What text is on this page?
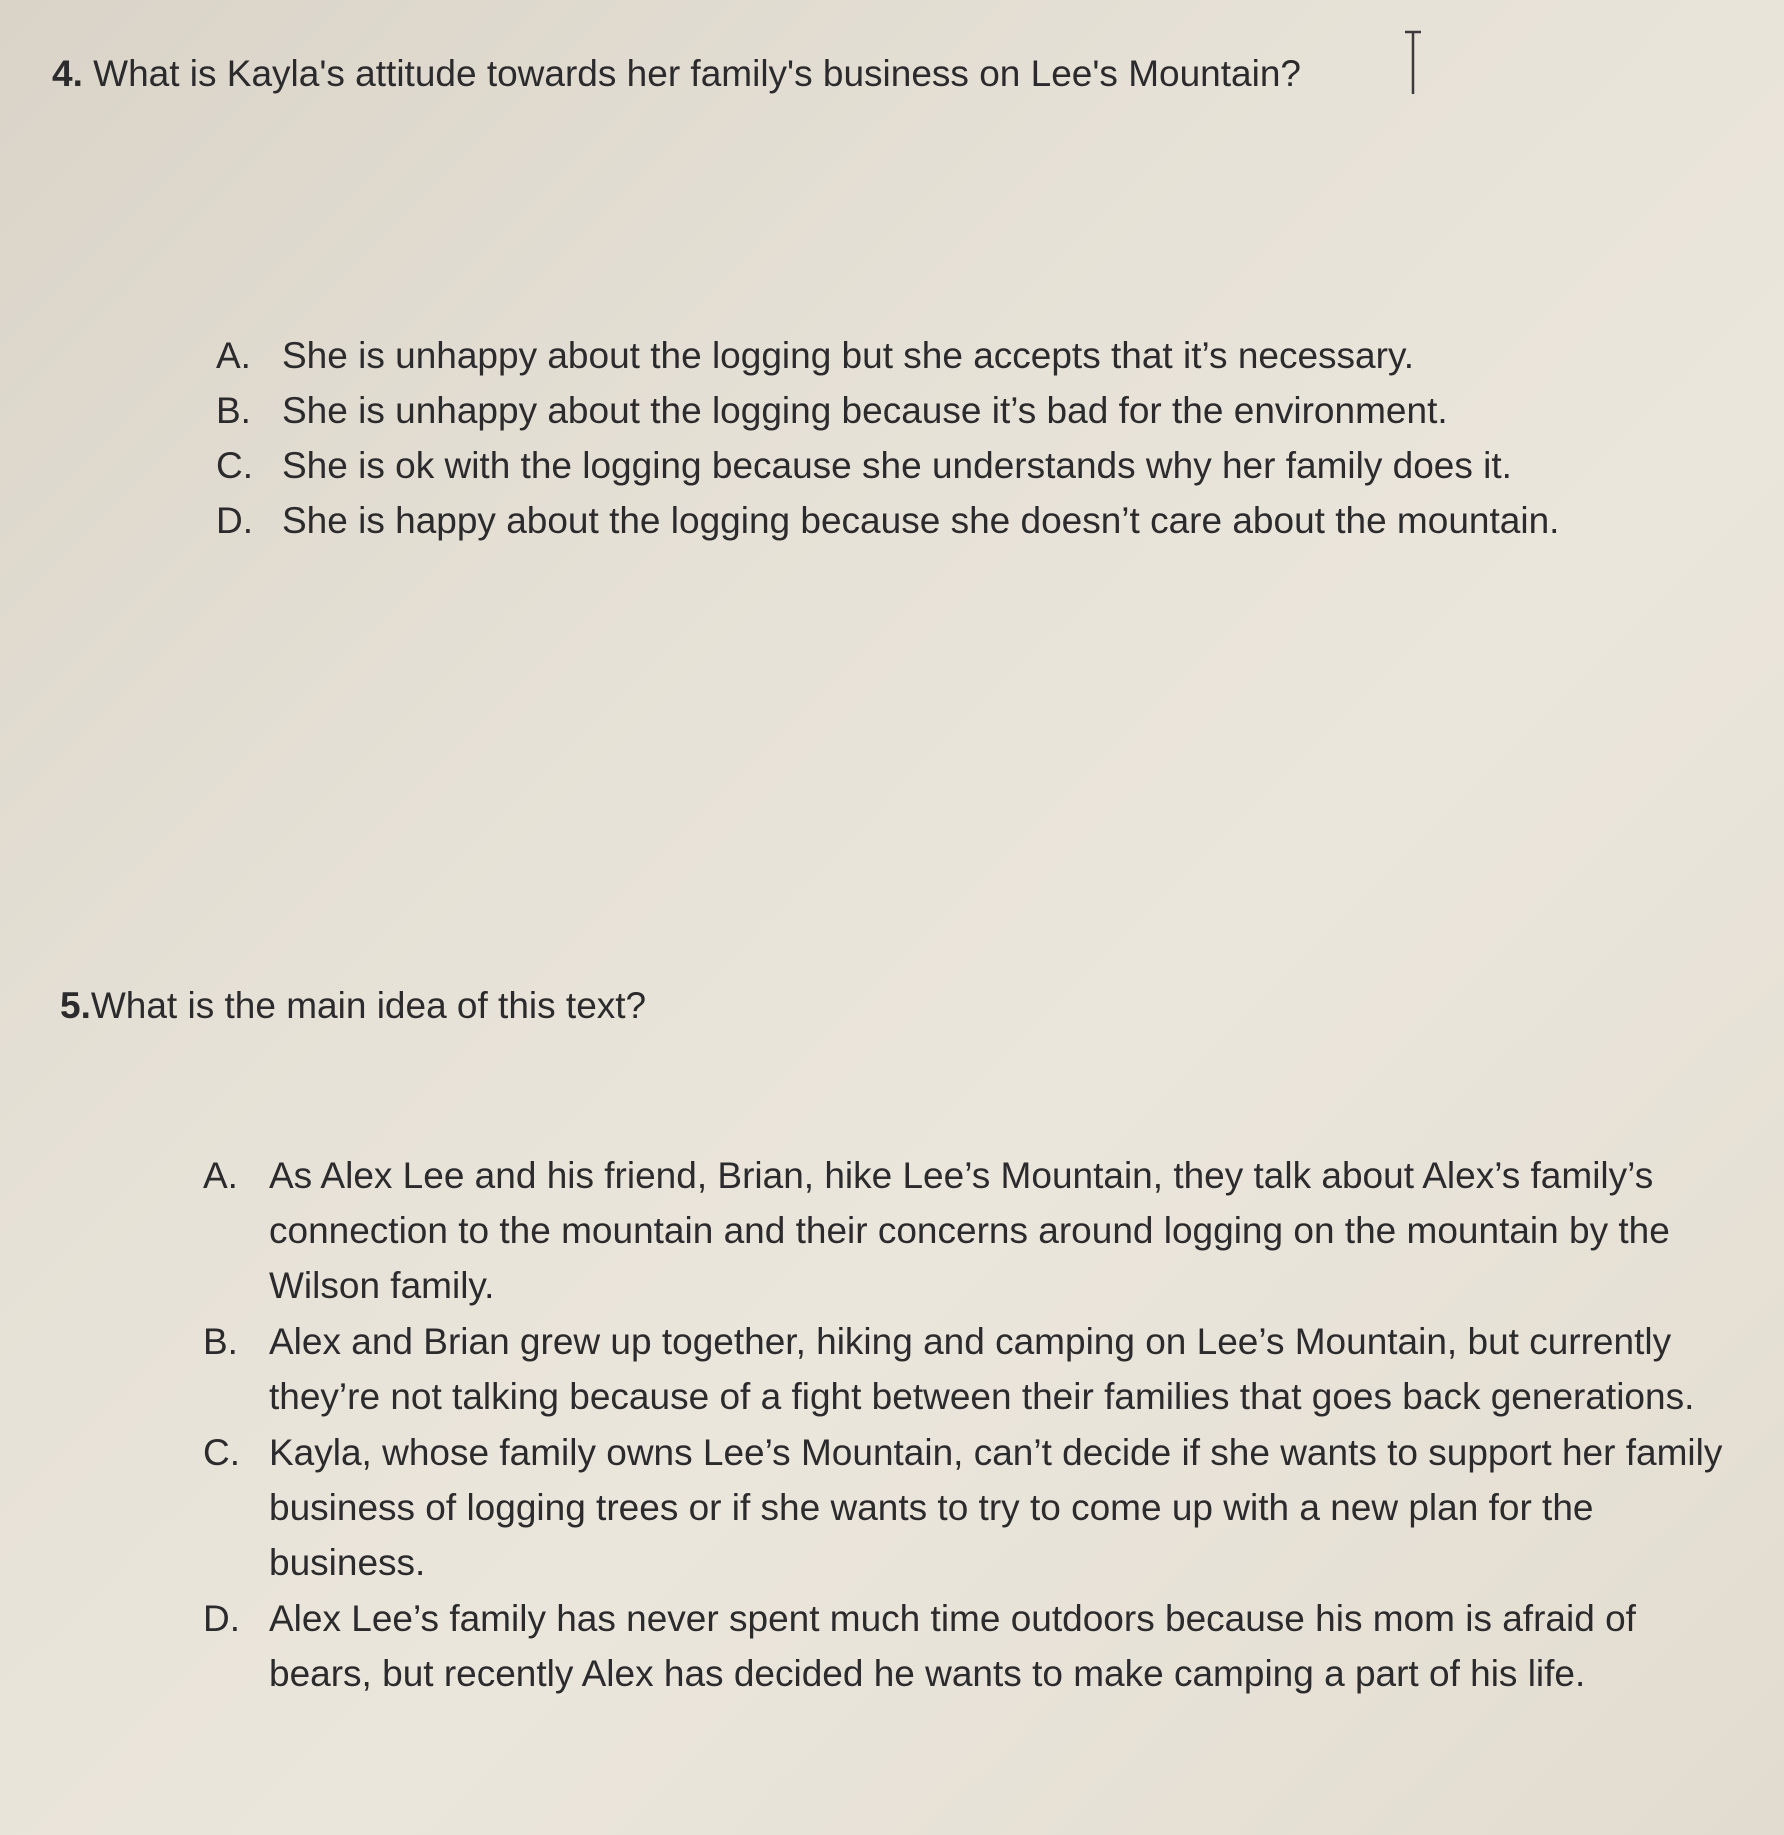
4. What is Kayla's attitude towards her family's business on Lee's Mountain?
A. She is unhappy about the logging but she accepts that it’s necessary.
B. She is unhappy about the logging because it’s bad for the environment.
C. She is ok with the logging because she understands why her family does it.
D. She is happy about the logging because she doesn’t care about the mountain.
5.What is the main idea of this text?
A. As Alex Lee and his friend, Brian, hike Lee’s Mountain, they talk about Alex’s family’s connection to the mountain and their concerns around logging on the mountain by the Wilson family.
B. Alex and Brian grew up together, hiking and camping on Lee’s Mountain, but currently they’re not talking because of a fight between their families that goes back generations.
C. Kayla, whose family owns Lee’s Mountain, can’t decide if she wants to support her family business of logging trees or if she wants to try to come up with a new plan for the business.
D. Alex Lee’s family has never spent much time outdoors because his mom is afraid of bears, but recently Alex has decided he wants to make camping a part of his life.
